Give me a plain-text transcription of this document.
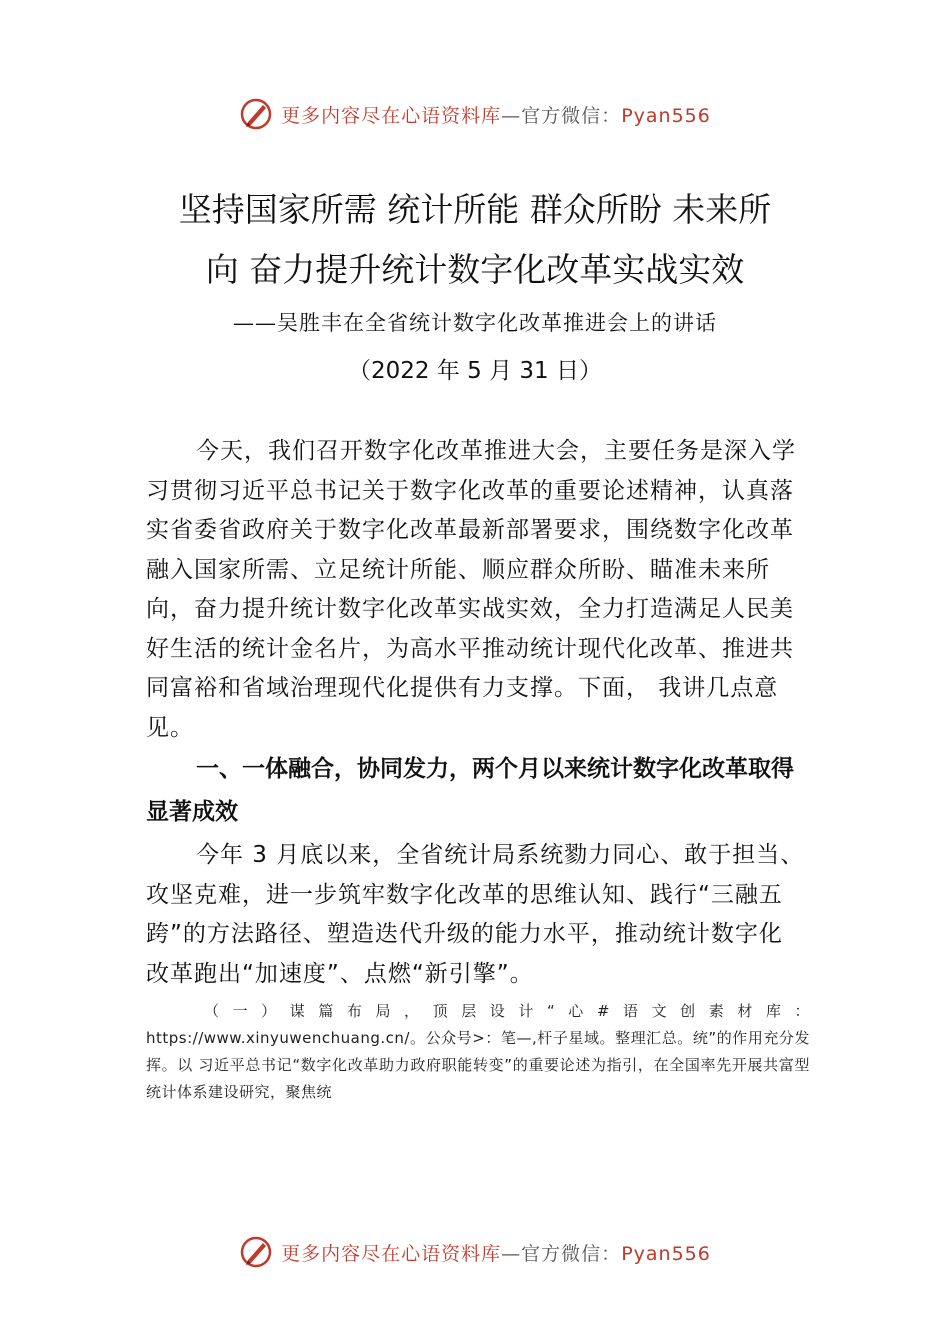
更多内容尽在心语资料库—官方微信：Pyan556
坚持国家所需 统计所能 群众所盼 未来所
向 奋力提升统计数字化改革实战实效
——吴胜丰在全省统计数字化改革推进会上的讲话
（2022 年 5 月 31 日）
今天，我们召开数字化改革推进大会，主要任务是深入学习贯彻习近平总书记关于数字化改革的重要论述精神，认真落实省委省政府关于数字化改革最新部署要求，围绕数字化改革融入国家所需、立足统计所能、顺应群众所盼、瞄准未来所向，奋力提升统计数字化改革实战实效，全力打造满足人民美好生活的统计金名片，为高水平推动统计现代化改革、推进共同富裕和省域治理现代化提供有力支撑。下面， 我讲几点意见。
一、一体融合，协同发力，两个月以来统计数字化改革取得显著成效
今年 3 月底以来，全省统计局系统勠力同心、敢于担当、攻坚克难，进一步筑牢数字化改革的思维认知、践行“三融五跨”的方法路径、塑造迭代升级的能力水平，推动统计数字化改革跑出“加速度”、点燃“新引擎”。
（一）谋篇布局，顶层设计“心#语文创素材库：https://www.xinyuwenchuang.cn/。公众号>：笔—,杆子星域。整理汇总。统”的作用充分发挥。以 习近平总书记“数字化改革助力政府职能转变”的重要论述为指引，在全国率先开展共富型统计体系建设研究，聚焦统
更多内容尽在心语资料库—官方微信：Pyan556
